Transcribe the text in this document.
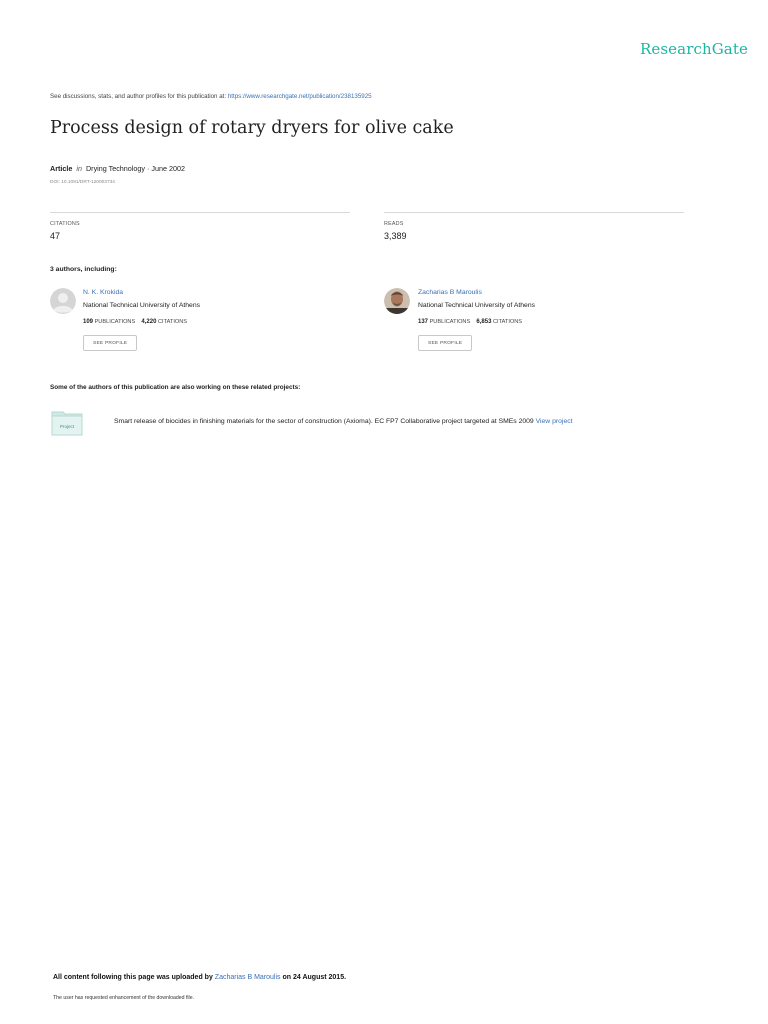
ResearchGate
See discussions, stats, and author profiles for this publication at: https://www.researchgate.net/publication/238135925
Process design of rotary dryers for olive cake
Article in Drying Technology · June 2002
DOI: 10.1081/DRT-120003734
CITATIONS
47
READS
3,389
3 authors, including:
N. K. Krokida
National Technical University of Athens
109 PUBLICATIONS 4,220 CITATIONS
SEE PROFILE
Zacharias B Maroulis
National Technical University of Athens
137 PUBLICATIONS 6,853 CITATIONS
SEE PROFILE
Some of the authors of this publication are also working on these related projects:
Project
Smart release of biocides in finishing materials for the sector of construction (Axioma). EC FP7 Collaborative project targeted at SMEs 2009 View project
All content following this page was uploaded by Zacharias B Maroulis on 24 August 2015.
The user has requested enhancement of the downloaded file.
